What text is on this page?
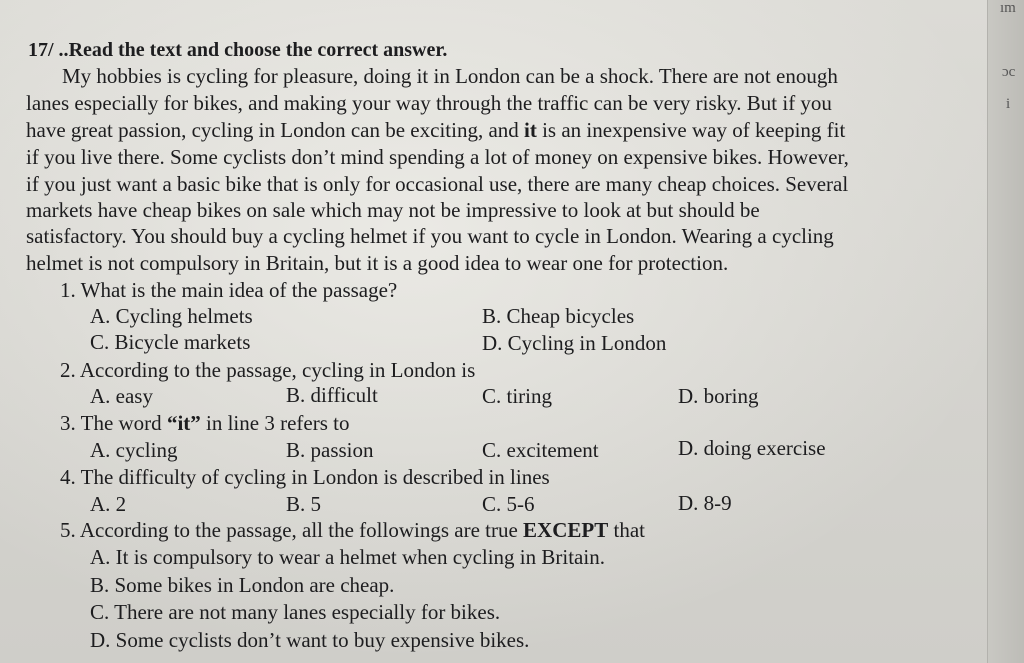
ım
ɔc
i
17/ ..Read the text and choose the correct answer.
My hobbies is cycling for pleasure, doing it in London can be a shock. There are not enough
lanes especially for bikes, and making your way through the traffic can be very risky. But if you
have great passion, cycling in London can be exciting, and it is an inexpensive way of keeping fit
if you live there. Some cyclists don’t mind spending a lot of money on expensive bikes. However,
if you just want a basic bike that is only for occasional use, there are many cheap choices. Several
markets have cheap bikes on sale which may not be impressive to look at but should be
satisfactory. You should buy a cycling helmet if you want to cycle in London. Wearing a cycling
helmet is not compulsory in Britain, but it is a good idea to wear one for protection.
1. What is the main idea of the passage?
A. Cycling helmets	B. Cheap bicycles
C. Bicycle markets	D. Cycling in London
2. According to the passage, cycling in London is
A. easy	B. difficult	C. tiring	D. boring
3. The word “it” in line 3 refers to
A. cycling	B. passion	C. excitement	D. doing exercise
4. The difficulty of cycling in London is described in lines
A. 2	B. 5	C. 5-6	D. 8-9
5. According to the passage, all the followings are true EXCEPT that
A. It is compulsory to wear a helmet when cycling in Britain.
B. Some bikes in London are cheap.
C. There are not many lanes especially for bikes.
D. Some cyclists don’t want to buy expensive bikes.
